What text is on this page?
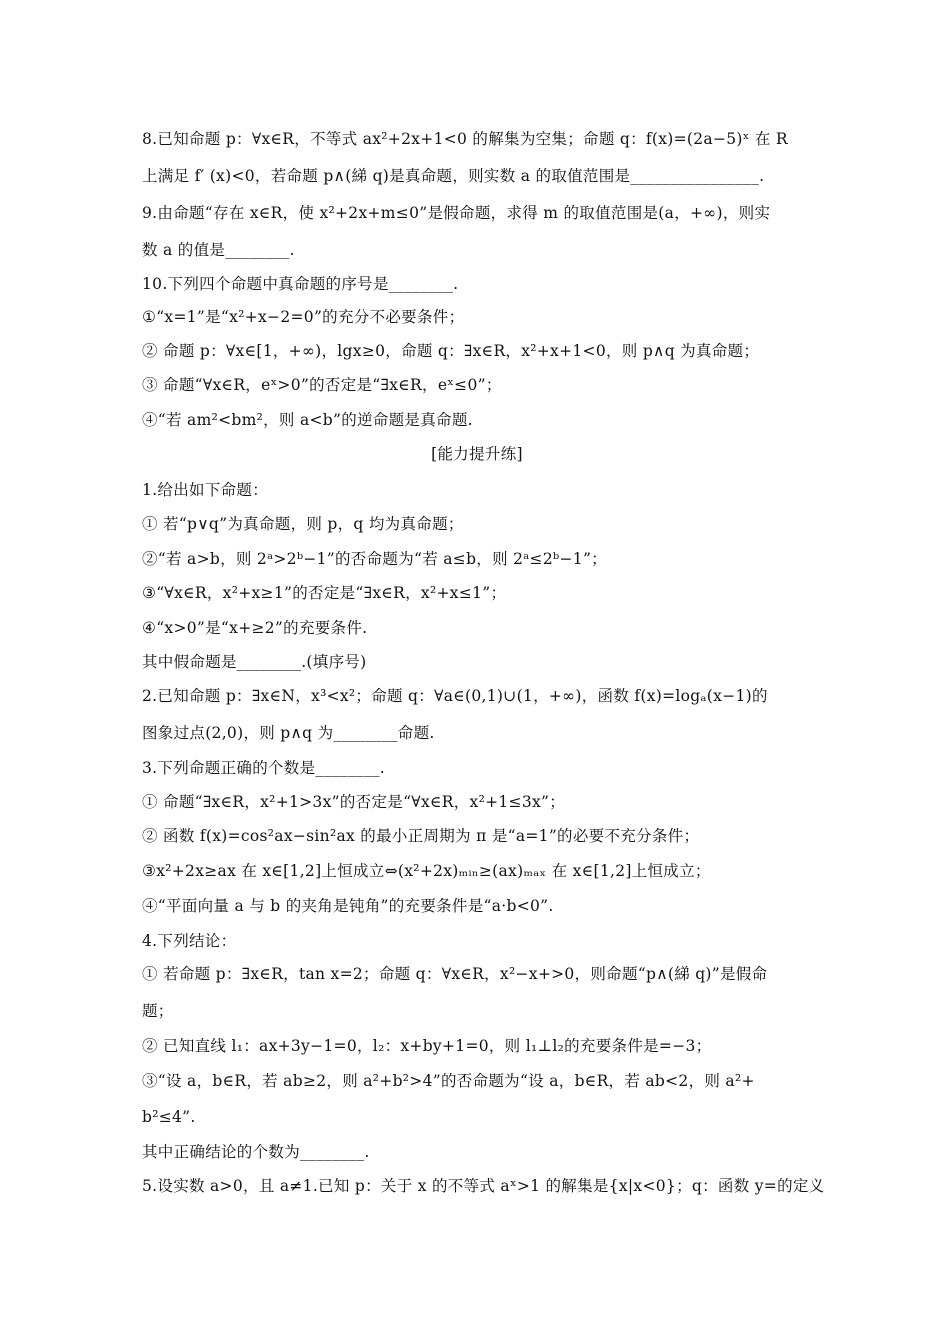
8.已知命题 p：∀x∈R，不等式 ax²+2x+1<0 的解集为空集；命题 q：f(x)=(2a−5)ˣ 在 R
上满足 f′ (x)<0，若命题 p∧(綈 q)是真命题，则实数 a 的取值范围是________________.
9.由命题“存在 x∈R，使 x²+2x+m≤0”是假命题，求得 m 的取值范围是(a，+∞)，则实
数 a 的值是________.
10.下列四个命题中真命题的序号是________.
①“x=1”是“x²+x−2=0”的充分不必要条件；
② 命题 p：∀x∈[1，+∞)，lgx≥0，命题 q：∃x∈R，x²+x+1<0，则 p∧q 为真命题；
③ 命题“∀x∈R，eˣ>0”的否定是“∃x∈R，eˣ≤0”；
④“若 am²<bm²，则 a<b”的逆命题是真命题.
[能力提升练]
1.给出如下命题：
① 若“p∨q”为真命题，则 p，q 均为真命题；
②“若 a>b，则 2ᵃ>2ᵇ−1”的否命题为“若 a≤b，则 2ᵃ≤2ᵇ−1”；
③“∀x∈R，x²+x≥1”的否定是“∃x∈R，x²+x≤1”；
④“x>0”是“x+≥2”的充要条件.
其中假命题是________.(填序号)
2.已知命题 p：∃x∈N，x³<x²；命题 q：∀a∈(0,1)∪(1，+∞)，函数 f(x)=logₐ(x−1)的
图象过点(2,0)，则 p∧q 为________命题.
3.下列命题正确的个数是________.
① 命题“∃x∈R，x²+1>3x”的否定是“∀x∈R，x²+1≤3x”；
② 函数 f(x)=cos²ax−sin²ax 的最小正周期为 π 是“a=1”的必要不充分条件；
③x²+2x≥ax 在 x∈[1,2]上恒成立⇔(x²+2x)ₘᵢₙ≥(ax)ₘₐₓ 在 x∈[1,2]上恒成立；
④“平面向量 a 与 b 的夹角是钝角”的充要条件是“a·b<0”.
4.下列结论：
① 若命题 p：∃x∈R，tan x=2；命题 q：∀x∈R，x²−x+>0，则命题“p∧(綈 q)”是假命
题；
② 已知直线 l₁：ax+3y−1=0，l₂：x+by+1=0，则 l₁⊥l₂的充要条件是=−3；
③“设 a，b∈R，若 ab≥2，则 a²+b²>4”的否命题为“设 a，b∈R，若 ab<2，则 a²+
b²≤4”.
其中正确结论的个数为________.
5.设实数 a>0，且 a≠1.已知 p：关于 x 的不等式 aˣ>1 的解集是{x|x<0}；q：函数 y=的定义
